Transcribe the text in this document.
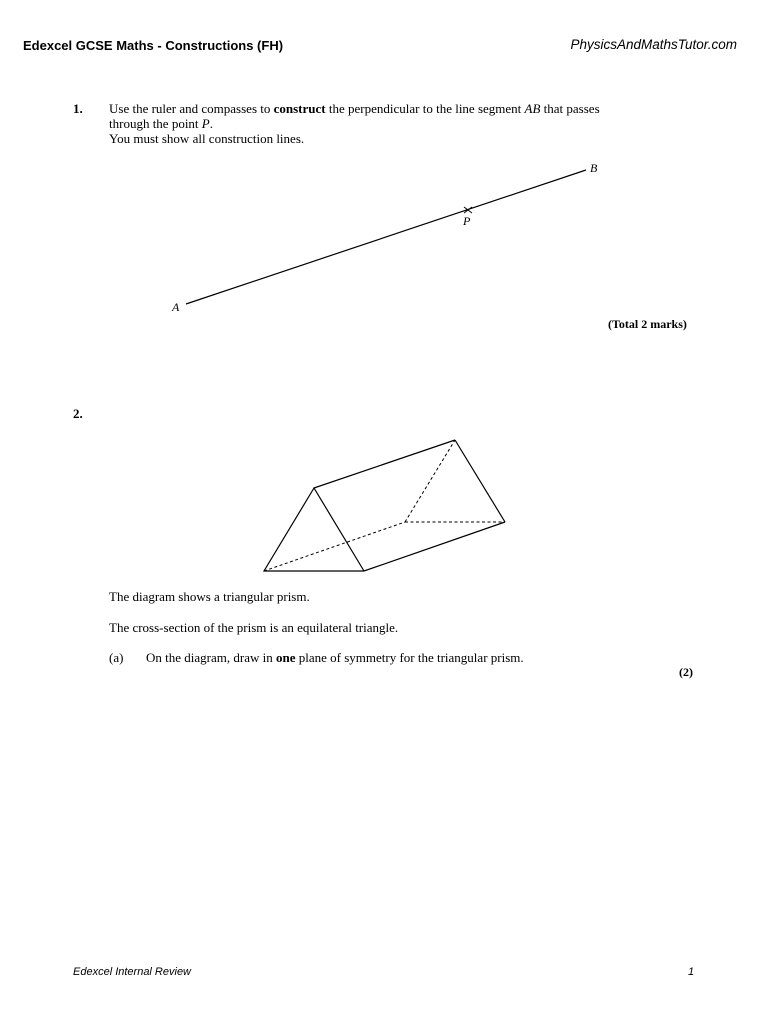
Edexcel GCSE Maths - Constructions (FH)	PhysicsAndMathsTutor.com
1. Use the ruler and compasses to construct the perpendicular to the line segment AB that passes
through the point P.
You must show all construction lines.
A
B
P
(Total 2 marks)
2.
The diagram shows a triangular prism.
The cross-section of the prism is an equilateral triangle.
(a) On the diagram, draw in one plane of symmetry for the triangular prism.
(2)
Edexcel Internal Review	1
